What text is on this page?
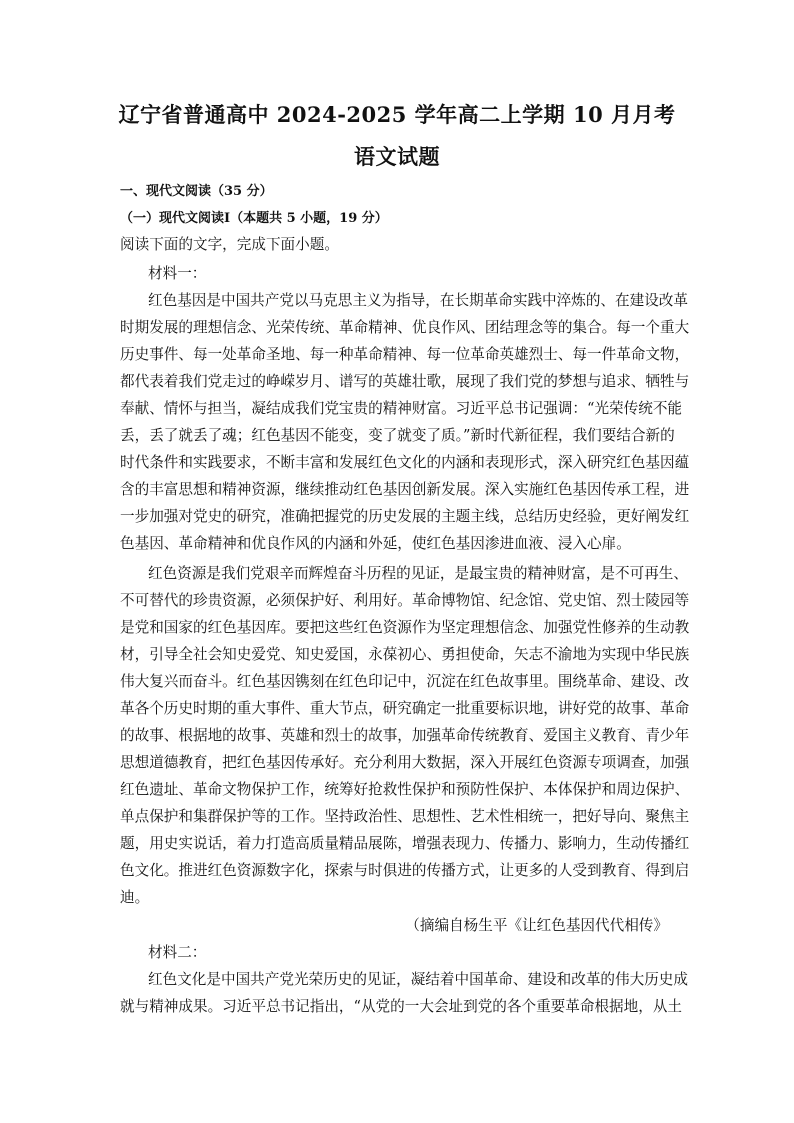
辽宁省普通高中 2024-2025 学年高二上学期 10 月月考
语文试题
一、现代文阅读（35 分）
（一）现代文阅读Ⅰ（本题共 5 小题，19 分）
阅读下面的文字，完成下面小题。
材料一：
红色基因是中国共产党以马克思主义为指导，在长期革命实践中淬炼的、在建设改革
时期发展的理想信念、光荣传统、革命精神、优良作风、团结理念等的集合。每一个重大
历史事件、每一处革命圣地、每一种革命精神、每一位革命英雄烈士、每一件革命文物，
都代表着我们党走过的峥嵘岁月、谱写的英雄壮歌，展现了我们党的梦想与追求、牺牲与
奉献、情怀与担当，凝结成我们党宝贵的精神财富。习近平总书记强调：“光荣传统不能
丢，丢了就丢了魂；红色基因不能变，变了就变了质。”新时代新征程，我们要结合新的
时代条件和实践要求，不断丰富和发展红色文化的内涵和表现形式，深入研究红色基因蕴
含的丰富思想和精神资源，继续推动红色基因创新发展。深入实施红色基因传承工程，进
一步加强对党史的研究，准确把握党的历史发展的主题主线，总结历史经验，更好阐发红
色基因、革命精神和优良作风的内涵和外延，使红色基因渗进血液、浸入心扉。
红色资源是我们党艰辛而辉煌奋斗历程的见证，是最宝贵的精神财富，是不可再生、
不可替代的珍贵资源，必须保护好、利用好。革命博物馆、纪念馆、党史馆、烈士陵园等
是党和国家的红色基因库。要把这些红色资源作为坚定理想信念、加强党性修养的生动教
材，引导全社会知史爱党、知史爱国，永葆初心、勇担使命，矢志不渝地为实现中华民族
伟大复兴而奋斗。红色基因镌刻在红色印记中，沉淀在红色故事里。围绕革命、建设、改
革各个历史时期的重大事件、重大节点，研究确定一批重要标识地，讲好党的故事、革命
的故事、根据地的故事、英雄和烈士的故事，加强革命传统教育、爱国主义教育、青少年
思想道德教育，把红色基因传承好。充分利用大数据，深入开展红色资源专项调查，加强
红色遗址、革命文物保护工作，统筹好抢救性保护和预防性保护、本体保护和周边保护、
单点保护和集群保护等的工作。坚持政治性、思想性、艺术性相统一，把好导向、聚焦主
题，用史实说话，着力打造高质量精品展陈，增强表现力、传播力、影响力，生动传播红
色文化。推进红色资源数字化，探索与时俱进的传播方式，让更多的人受到教育、得到启
迪。
（摘编自杨生平《让红色基因代代相传》
材料二：
红色文化是中国共产党光荣历史的见证，凝结着中国革命、建设和改革的伟大历史成
就与精神成果。习近平总书记指出，“从党的一大会址到党的各个重要革命根据地，从土
